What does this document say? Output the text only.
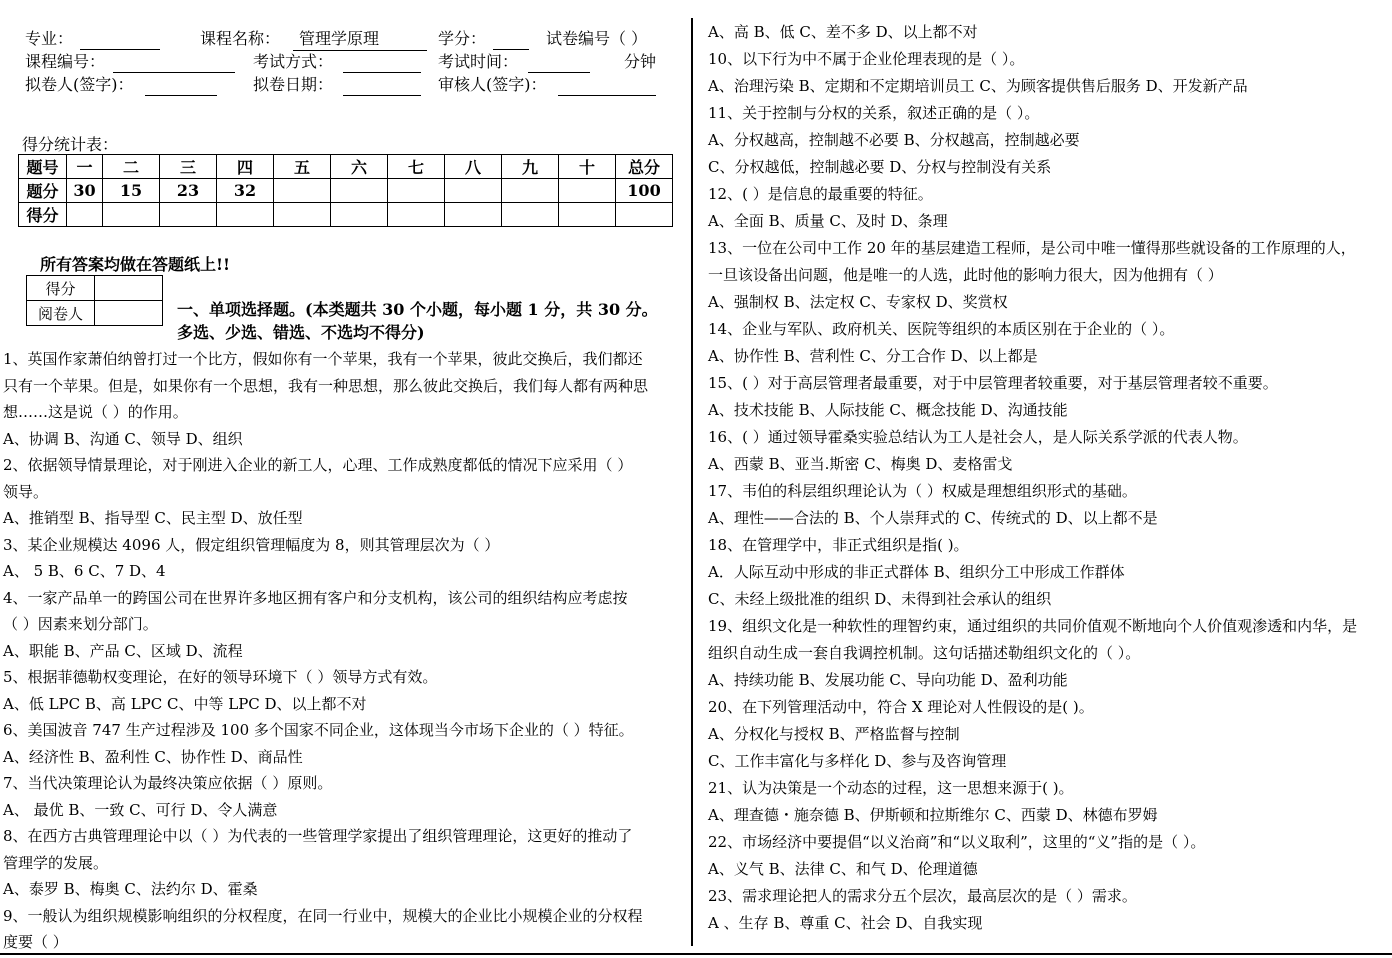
专业：	课程名称：	管理学原理	学分：	试卷编号（ ）
课程编号：	考试方式：	考试时间：	分钟
拟卷人(签字)：	拟卷日期：	审核人(签字)：
得分统计表：
题号	一	二	三	四	五	六	七	八	九	十	总分
题分	30	15	23	32							100
得分											
所有答案均做在答题纸上!!
得分	
阅卷人		一、单项选择题。(本类题共 30 个小题，每小题 1 分，共 30 分。
多选、少选、错选、不选均不得分)
1、英国作家萧伯纳曾打过一个比方，假如你有一个苹果，我有一个苹果，彼此交换后，我们都还
只有一个苹果。但是，如果你有一个思想，我有一种思想，那么彼此交换后，我们每人都有两种思
想……这是说（ ）的作用。
A、协调 B、沟通 C、领导 D、组织
2、依据领导情景理论，对于刚进入企业的新工人，心理、工作成熟度都低的情况下应采用（ ）
领导。
A、推销型 B、指导型 C、民主型 D、放任型
3、某企业规模达 4096 人，假定组织管理幅度为 8，则其管理层次为（ ）
A、 5 B、6 C、7 D、4
4、一家产品单一的跨国公司在世界许多地区拥有客户和分支机构，该公司的组织结构应考虑按
（ ）因素来划分部门。
A、职能 B、产品 C、区域 D、流程
5、根据菲德勒权变理论，在好的领导环境下（ ）领导方式有效。
A、低 LPC B、高 LPC C、中等 LPC D、以上都不对
6、美国波音 747 生产过程涉及 100 多个国家不同企业，这体现当今市场下企业的（ ）特征。
A、经济性 B、盈利性 C、协作性 D、商品性
7、当代决策理论认为最终决策应依据（ ）原则。
A、 最优 B、一致 C、可行 D、令人满意
8、在西方古典管理理论中以（ ）为代表的一些管理学家提出了组织管理理论，这更好的推动了
管理学的发展。
A、泰罗 B、梅奥 C、法约尔 D、霍桑
9、一般认为组织规模影响组织的分权程度，在同一行业中，规模大的企业比小规模企业的分权程
度要（ ）
A、高 B、低 C、差不多 D、以上都不对
10、以下行为中不属于企业伦理表现的是（ ）。
A、治理污染 B、定期和不定期培训员工 C、为顾客提供售后服务 D、开发新产品
11、关于控制与分权的关系，叙述正确的是（ ）。
A、分权越高，控制越不必要 B、分权越高，控制越必要
C、分权越低，控制越必要 D、分权与控制没有关系
12、( ）是信息的最重要的特征。
A、全面 B、质量 C、及时 D、条理
13、一位在公司中工作 20 年的基层建造工程师，是公司中唯一懂得那些就设备的工作原理的人，
一旦该设备出问题，他是唯一的人选，此时他的影响力很大，因为他拥有（ ）
A、强制权 B、法定权 C、专家权 D、奖赏权
14、企业与军队、政府机关、医院等组织的本质区别在于企业的（ ）。
A、协作性 B、营利性 C、分工合作 D、以上都是
15、( ）对于高层管理者最重要，对于中层管理者较重要，对于基层管理者较不重要。
A、技术技能 B、人际技能 C、概念技能 D、沟通技能
16、( ）通过领导霍桑实验总结认为工人是社会人，是人际关系学派的代表人物。
A、西蒙 B、亚当.斯密 C、梅奥 D、麦格雷戈
17、韦伯的科层组织理论认为（ ）权威是理想组织形式的基础。
A、理性——合法的 B、个人崇拜式的 C、传统式的 D、以上都不是
18、在管理学中，非正式组织是指( )。
A．人际互动中形成的非正式群体 B、组织分工中形成工作群体
C、未经上级批准的组织 D、未得到社会承认的组织
19、组织文化是一种软性的理智约束，通过组织的共同价值观不断地向个人价值观渗透和内华，是
组织自动生成一套自我调控机制。这句话描述勒组织文化的（ ）。
A、持续功能 B、发展功能 C、导向功能 D、盈利功能
20、在下列管理活动中，符合 X 理论对人性假设的是( )。
A、分权化与授权 B、严格监督与控制
C、工作丰富化与多样化 D、参与及咨询管理
21、认为决策是一个动态的过程，这一思想来源于( )。
A、理查德・施奈德 B、伊斯顿和拉斯维尔 C、西蒙 D、林德布罗姆
22、市场经济中要提倡“以义治商”和“以义取利”，这里的“义”指的是（ ）。
A、义气 B、法律 C、和气 D、伦理道德
23、需求理论把人的需求分五个层次，最高层次的是（ ）需求。
A 、生存 B、尊重 C、社会 D、自我实现
